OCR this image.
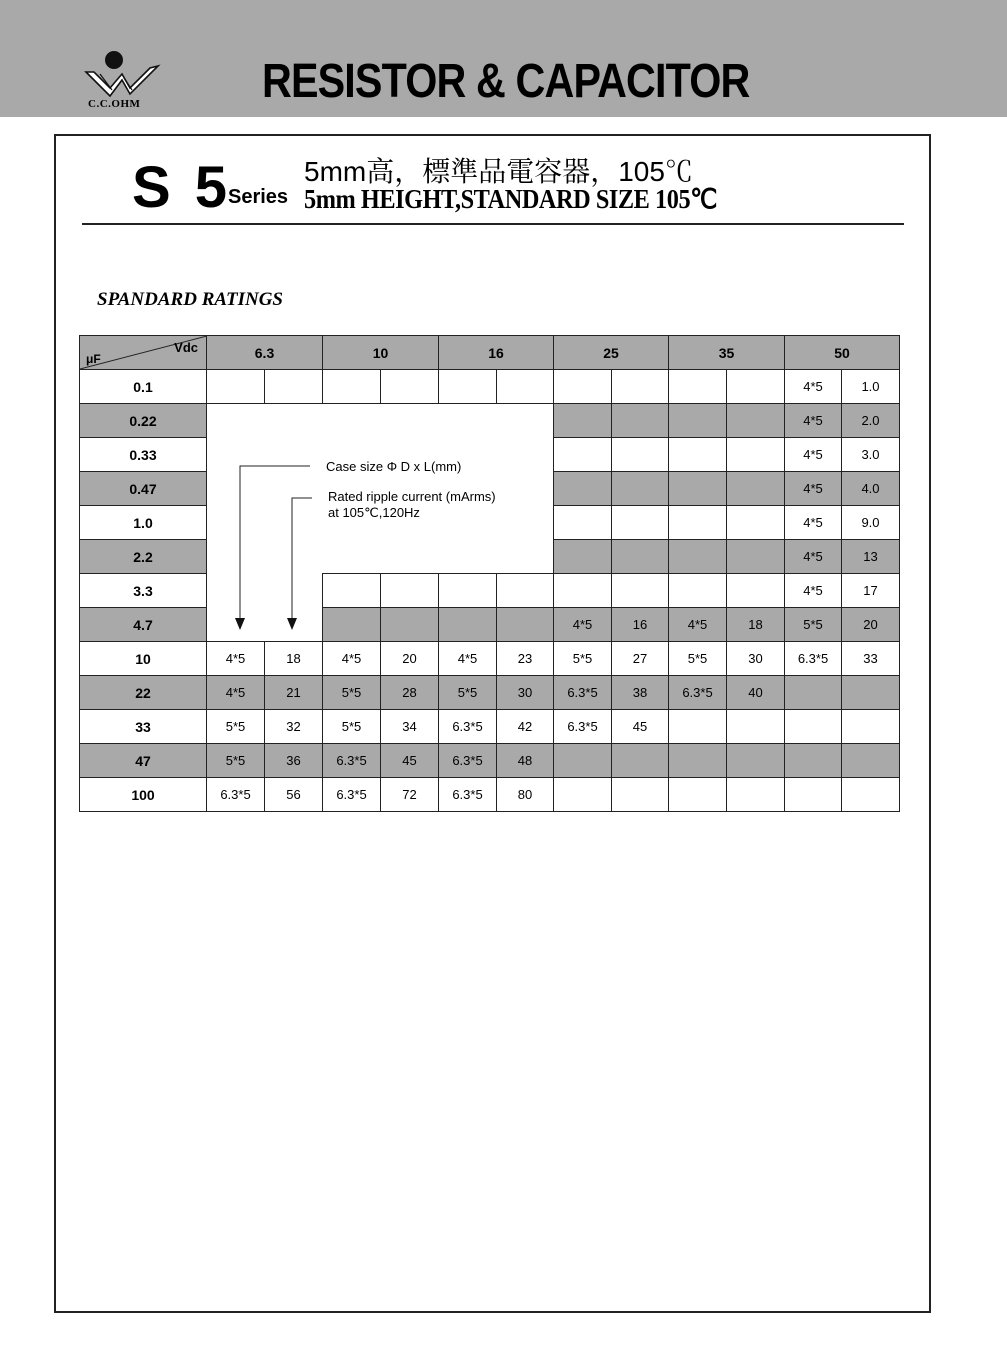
C.C.OHM	RESISTOR & CAPACITOR
S 5
Series
5mm高，標準品電容器，105℃
5mm HEIGHT,STANDARD SIZE 105℃
SPANDARD RATINGS
Vdc
μF	6.3		10		16		25		35		50	
0.1											4*5	1.0
0.22											4*5	2.0
0.33											4*5	3.0
0.47											4*5	4.0
1.0											4*5	9.0
2.2											4*5	13
3.3											4*5	17
4.7							4*5	16	4*5	18	5*5	20
10	4*5	18	4*5	20	4*5	23	5*5	27	5*5	30	6.3*5	33
22	4*5	21	5*5	28	5*5	30	6.3*5	38	6.3*5	40		
33	5*5	32	5*5	34	6.3*5	42	6.3*5	45				
47	5*5	36	6.3*5	45	6.3*5	48						
100	6.3*5	56	6.3*5	72	6.3*5	80						
Case size Φ D x L(mm)
Rated ripple current (mArms)
at 105℃,120Hz
